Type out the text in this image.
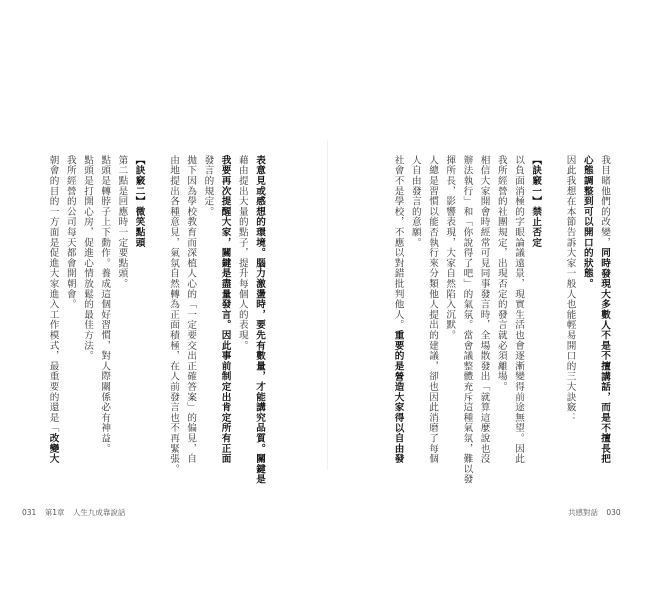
031 第1章 人生九成靠說話
表意見或感想的環境。腦力激盪時，要先有數量，才能講究品質。關鍵是
藉由提出大量的點子，提升每個人的表現。
我要再次提醒大家，關鍵是盡量發言。因此事前制定出肯定所有正面
發言的規定。
抛下因為學校教育而深植人心的「一定要交出正確答案」的偏見，自
由地提出各種意見，氣氛自然轉為正面積極，在人前發言也不再緊張。
【訣竅二】微笑點頭
第二點是回應時一定要點頭。
點頭是轉脖子上下動作。養成這個好習慣，對人際關係必有神益。
點頭是打開心房，促進心情放鬆的最佳方法。
我所經營的公司每天都會開朝會。
朝會的目的一方面是促進大家進入工作模式，最重要的還是「改變大
共感對話 030
我目睹他們的改變，同時發現大多數人不是不擅講話，而是不擅長把
心態調整到可以開口的狀態。
因此我想在本節告訴大家一般人也能輕易開口的三大訣竅：
【訣竅一】禁止否定
以負面消極的字眼論議遠景，現實生活也會逐漸變得前途無望。因此
我所經營的社團規定，出現否定的發言就必須離場。
相信大家開會時經常可見同事發言時，全場散發出「就算這麼說也沒
辦法執行」和「你說得了吧」的氣氛。當會議整體充斥這種氣氛，難以發
揮所長，影響表現，大家自然陷入沉默。
人總是習慣以能否執行來分類他人提出的建議，卻也因此消磨了每個
人自由發言的意願。
社會不是學校，不應以對錯批判他人。重要的是營造大家得以自由發
